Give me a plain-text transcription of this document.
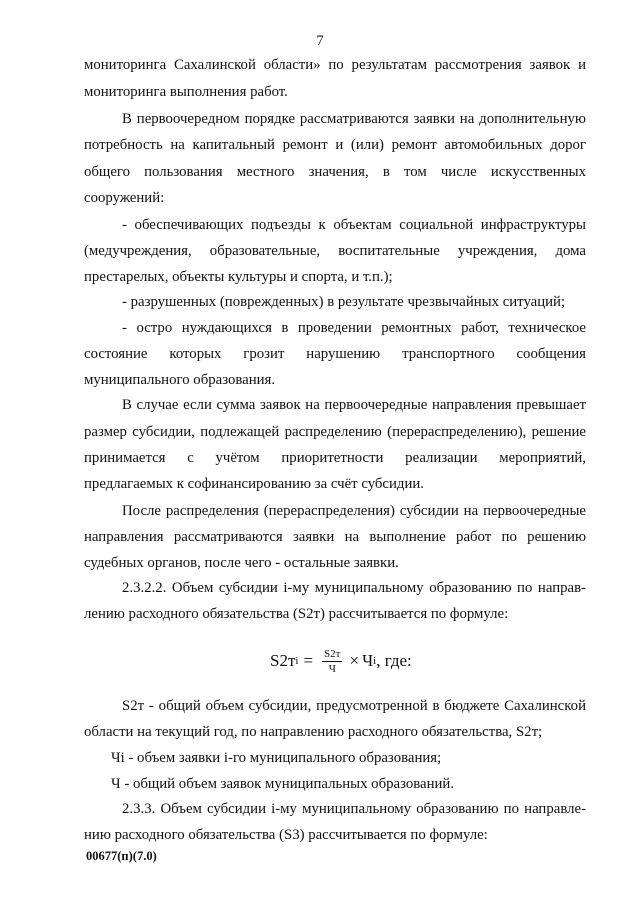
7
мониторинга Сахалинской области» по результатам рассмотрения заявок и
мониторинга выполнения работ.
В первоочередном порядке рассматриваются заявки на дополнительную
потребность на капитальный ремонт и (или) ремонт автомобильных дорог
общего пользования местного значения, в том числе искусственных
сооружений:
- обеспечивающих подъезды к объектам социальной инфраструктуры
(медучреждения, образовательные, воспитательные учреждения, дома
престарелых, объекты культуры и спорта, и т.п.);
- разрушенных (поврежденных) в результате чрезвычайных ситуаций;
- остро нуждающихся в проведении ремонтных работ, техническое
состояние которых грозит нарушению транспортного сообщения
муниципального образования.
В случае если сумма заявок на первоочередные направления превышает
размер субсидии, подлежащей распределению (перераспределению), решение
принимается с учётом приоритетности реализации мероприятий,
предлагаемых к софинансированию за счёт субсидии.
После распределения (перераспределения) субсидии на первоочередные
направления рассматриваются заявки на выполнение работ по решению
судебных органов, после чего - остальные заявки.
2.3.2.2. Объем субсидии i-му муниципальному образованию по направ-
лению расходного обязательства (S2т) рассчитывается по формуле:
S2т $i = \frac{S2т}{Ч} \times Ч$ i , где:
S2т - общий объем субсидии, предусмотренной в бюджете Сахалинской
области на текущий год, по направлению расходного обязательства, S2т;
Чi - объем заявки i-го муниципального образования;
Ч - общий объем заявок муниципальных образований.
2.3.3. Объем субсидии i-му муниципальному образованию по направле-
нию расходного обязательства (S3) рассчитывается по формуле:
00677(п)(7.0)
